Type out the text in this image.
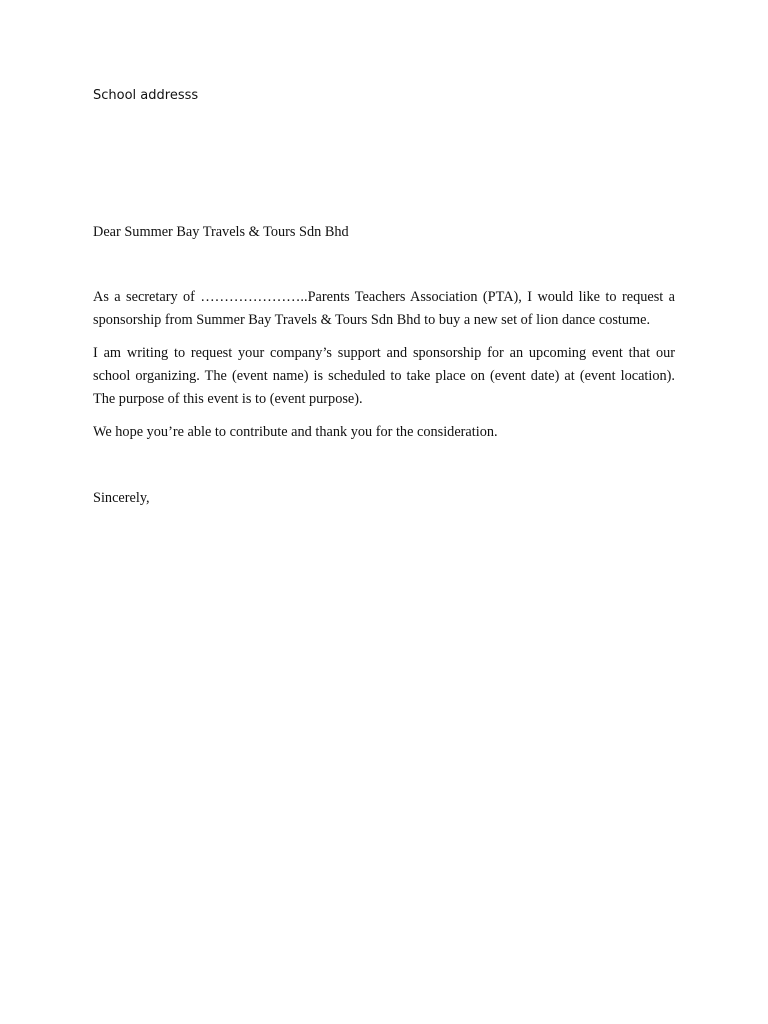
School addresss
Dear Summer Bay Travels & Tours Sdn Bhd

As a secretary of …………………..Parents Teachers Association (PTA), I would like to request a sponsorship from Summer Bay Travels & Tours Sdn Bhd to buy a new set of lion dance costume.

I am writing to request your company’s support and sponsorship for an upcoming event that our school organizing. The (event name) is scheduled to take place on (event date) at (event location). The purpose of this event is to (event purpose).

We hope you’re able to contribute and thank you for the consideration.

Sincerely,
